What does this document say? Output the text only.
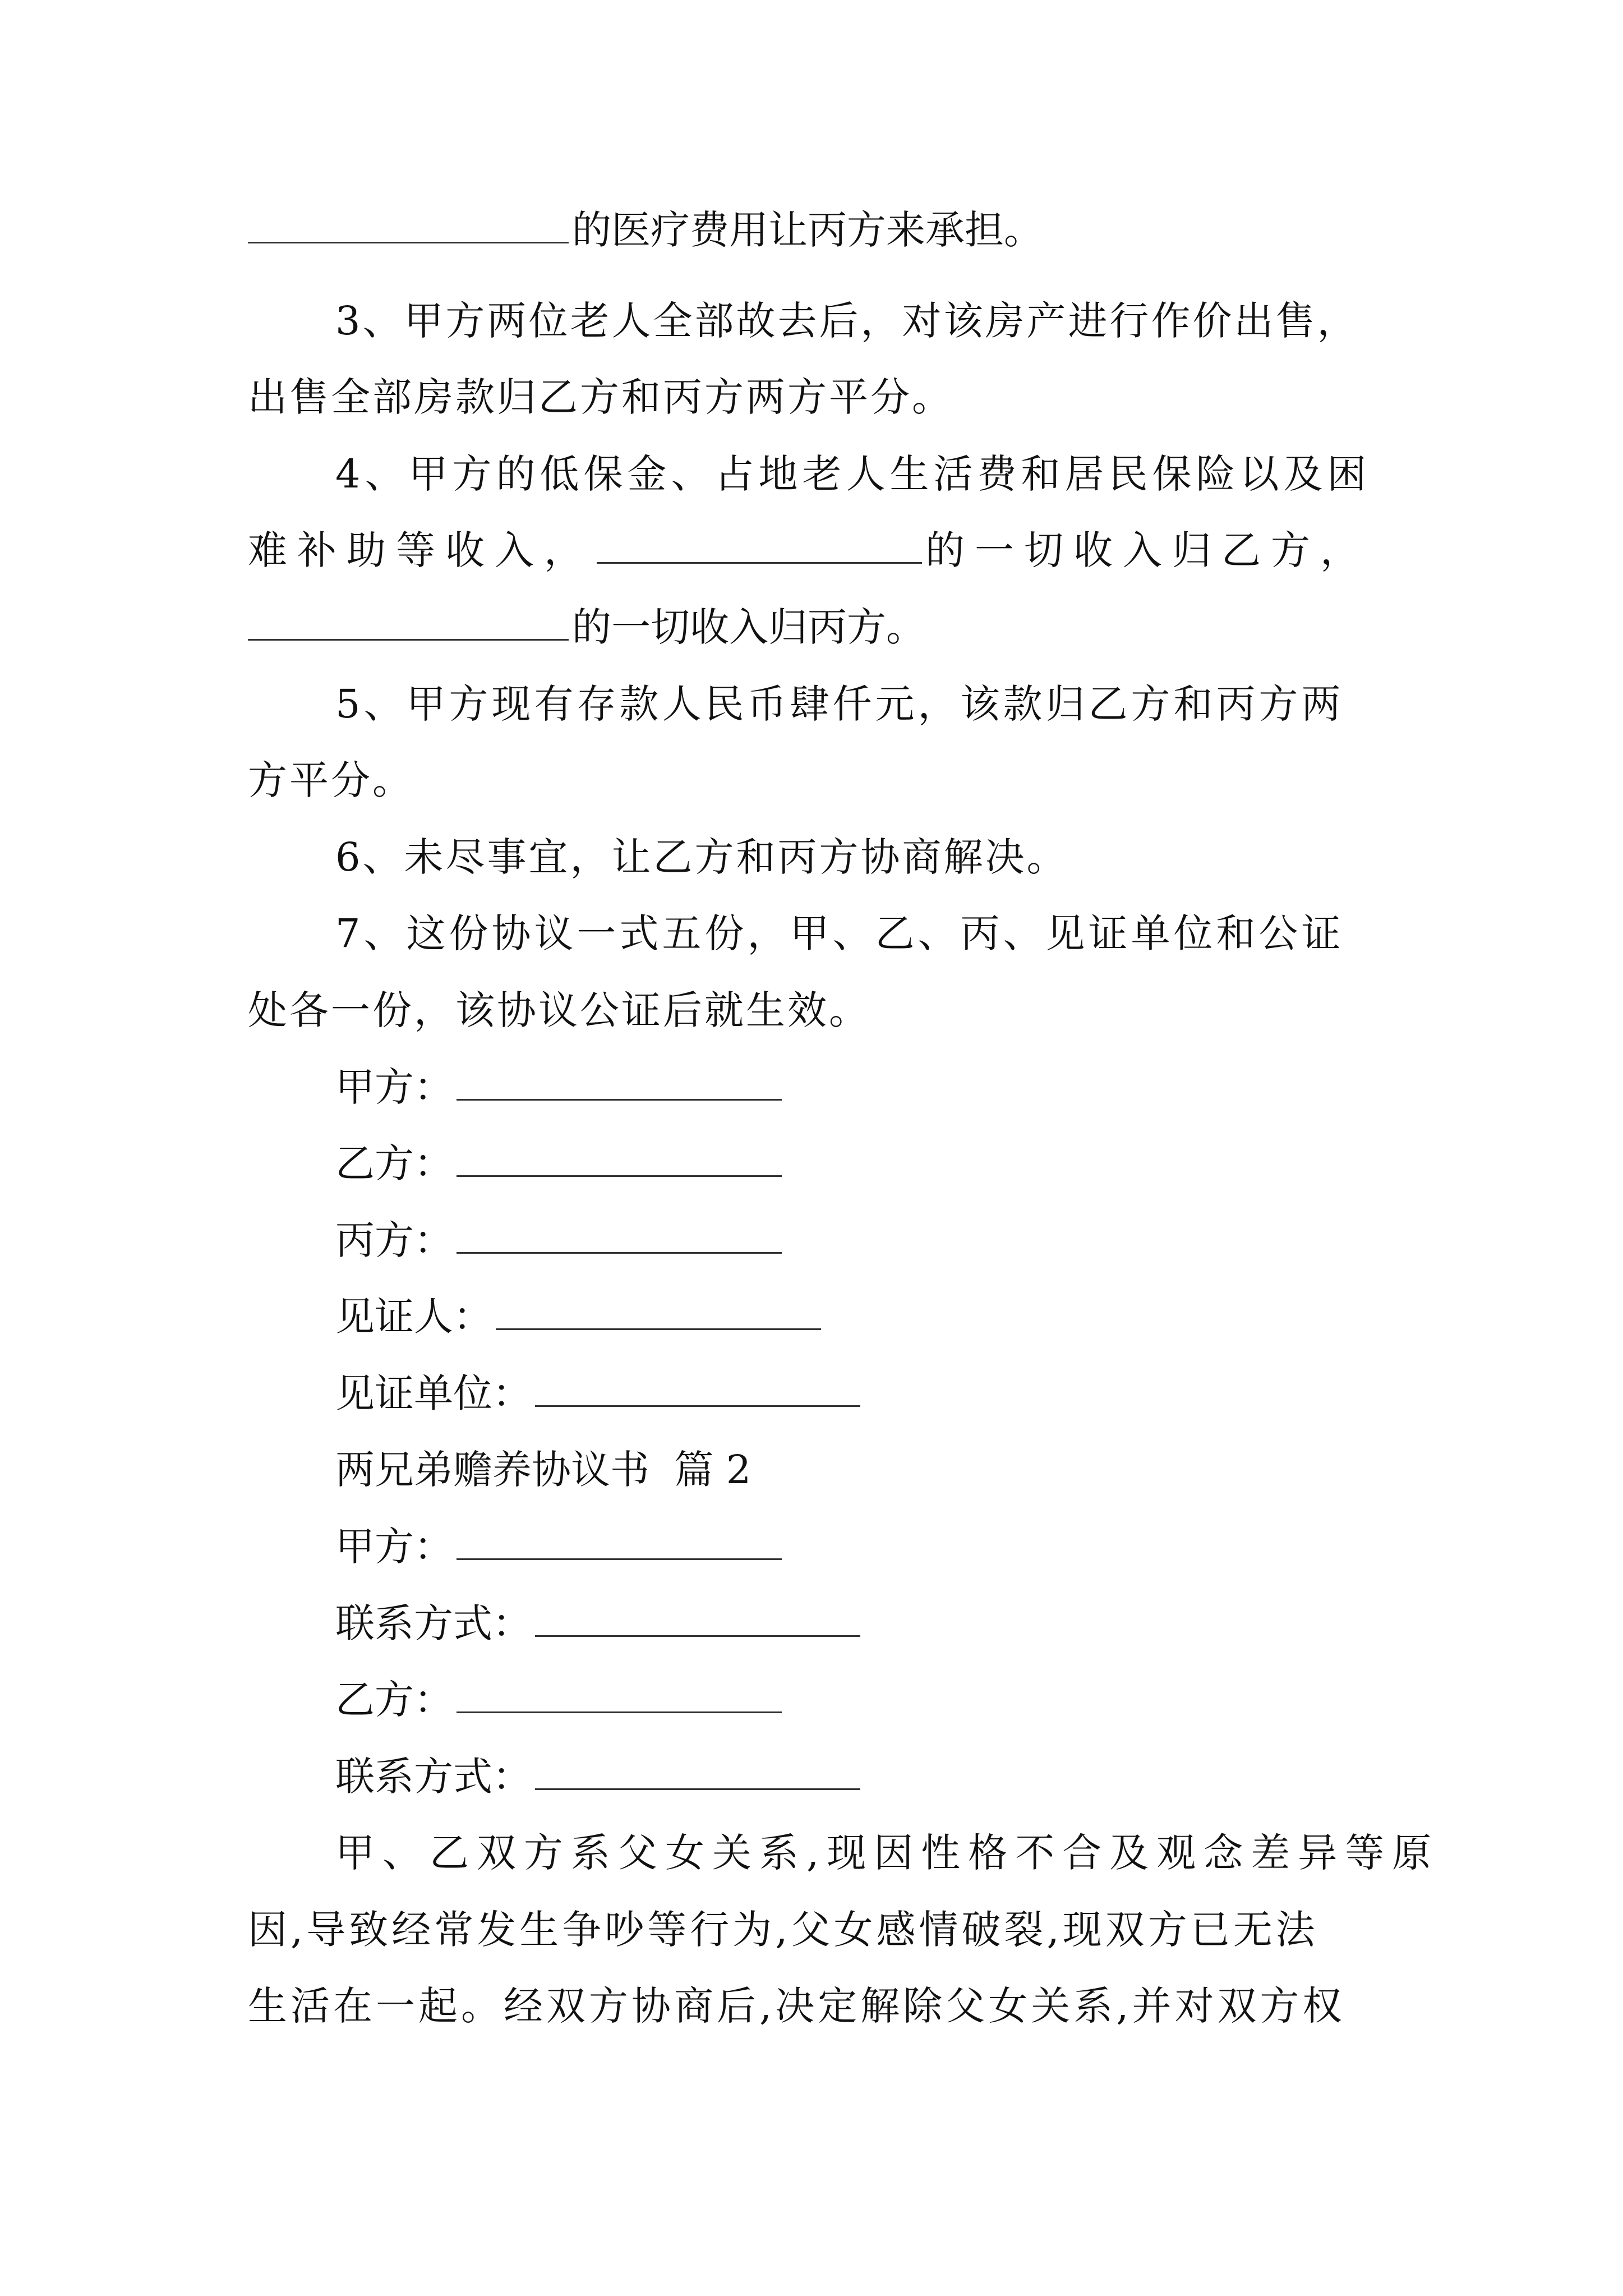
的医疗费用让丙方来承担。
3、甲方两位老人全部故去后，对该房产进行作价出售，
出售全部房款归乙方和丙方两方平分。
4、甲方的低保金、占地老人生活费和居民保险以及困
难补助等收入，	的一切收入归乙方，
的一切收入归丙方。
5、甲方现有存款人民币肆仟元，该款归乙方和丙方两
方平分。
6、未尽事宜，让乙方和丙方协商解决。
7、这份协议一式五份，甲、乙、丙、见证单位和公证
处各一份，该协议公证后就生效。
甲方：
乙方：
丙方：
见证人：
见证单位：
两兄弟赡养协议书  篇 2
甲方：
联系方式：
乙方：
联系方式：
甲、乙双方系父女关系,现因性格不合及观念差异等原
因,导致经常发生争吵等行为,父女感情破裂,现双方已无法
生活在一起。经双方协商后,决定解除父女关系,并对双方权
